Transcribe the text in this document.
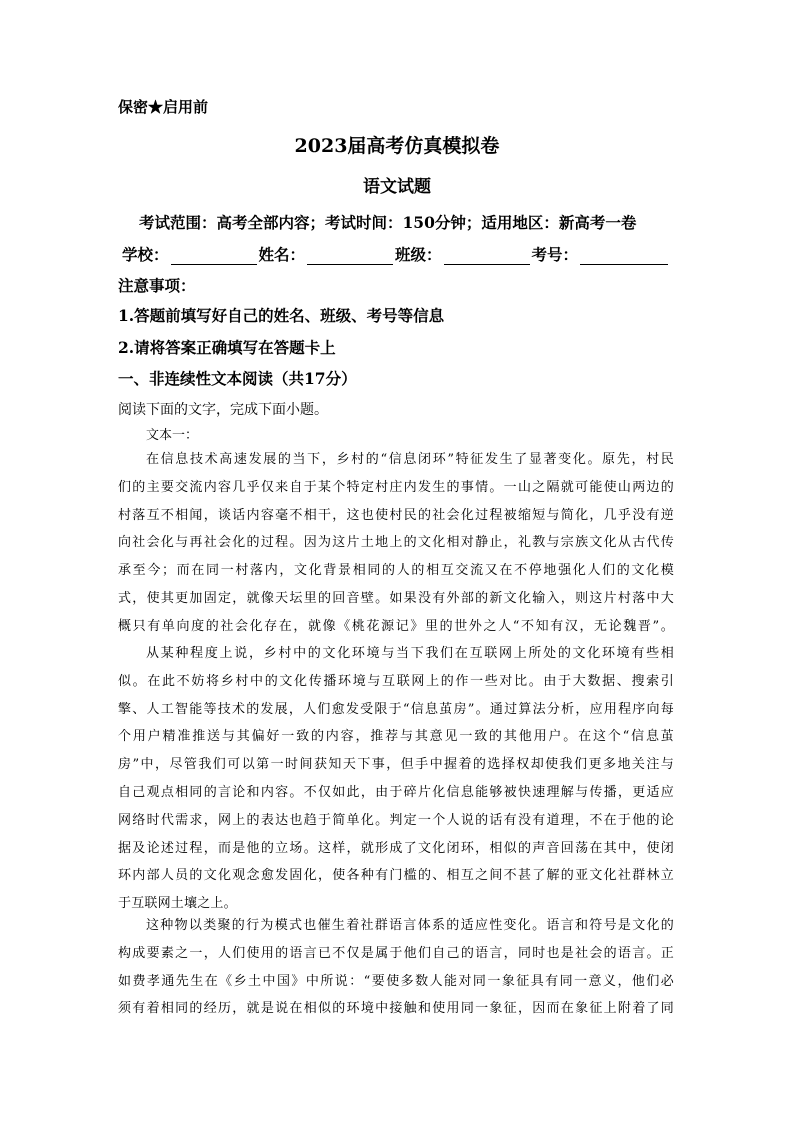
保密★启用前
2023届高考仿真模拟卷
语文试题
考试范围：高考全部内容；考试时间：150分钟；适用地区：新高考一卷
学校：	姓名：	班级：	考号：
注意事项：
1.答题前填写好自己的姓名、班级、考号等信息
2.请将答案正确填写在答题卡上
一、非连续性文本阅读（共17分）
阅读下面的文字，完成下面小题。
文本一：
在信息技术高速发展的当下，乡村的“信息闭环”特征发生了显著变化。原先，村民
们的主要交流内容几乎仅来自于某个特定村庄内发生的事情。一山之隔就可能使山两边的
村落互不相闻，谈话内容毫不相干，这也使村民的社会化过程被缩短与简化，几乎没有逆
向社会化与再社会化的过程。因为这片土地上的文化相对静止，礼教与宗族文化从古代传
承至今；而在同一村落内，文化背景相同的人的相互交流又在不停地强化人们的文化模
式，使其更加固定，就像天坛里的回音壁。如果没有外部的新文化输入，则这片村落中大
概只有单向度的社会化存在，就像《桃花源记》里的世外之人“不知有汉，无论魏晋”。
从某种程度上说，乡村中的文化环境与当下我们在互联网上所处的文化环境有些相
似。在此不妨将乡村中的文化传播环境与互联网上的作一些对比。由于大数据、搜索引
擎、人工智能等技术的发展，人们愈发受限于“信息茧房”。通过算法分析，应用程序向每
个用户精准推送与其偏好一致的内容，推荐与其意见一致的其他用户。在这个“信息茧
房”中，尽管我们可以第一时间获知天下事，但手中握着的选择权却使我们更多地关注与
自己观点相同的言论和内容。不仅如此，由于碎片化信息能够被快速理解与传播，更适应
网络时代需求，网上的表达也趋于简单化。判定一个人说的话有没有道理，不在于他的论
据及论述过程，而是他的立场。这样，就形成了文化闭环，相似的声音回荡在其中，使闭
环内部人员的文化观念愈发固化，使各种有门槛的、相互之间不甚了解的亚文化社群林立
于互联网土壤之上。
这种物以类聚的行为模式也催生着社群语言体系的适应性变化。语言和符号是文化的
构成要素之一，人们使用的语言已不仅是属于他们自己的语言，同时也是社会的语言。正
如费孝通先生在《乡土中国》中所说：“要使多数人能对同一象征具有同一意义，他们必
须有着相同的经历，就是说在相似的环境中接触和使用同一象征，因而在象征上附着了同
